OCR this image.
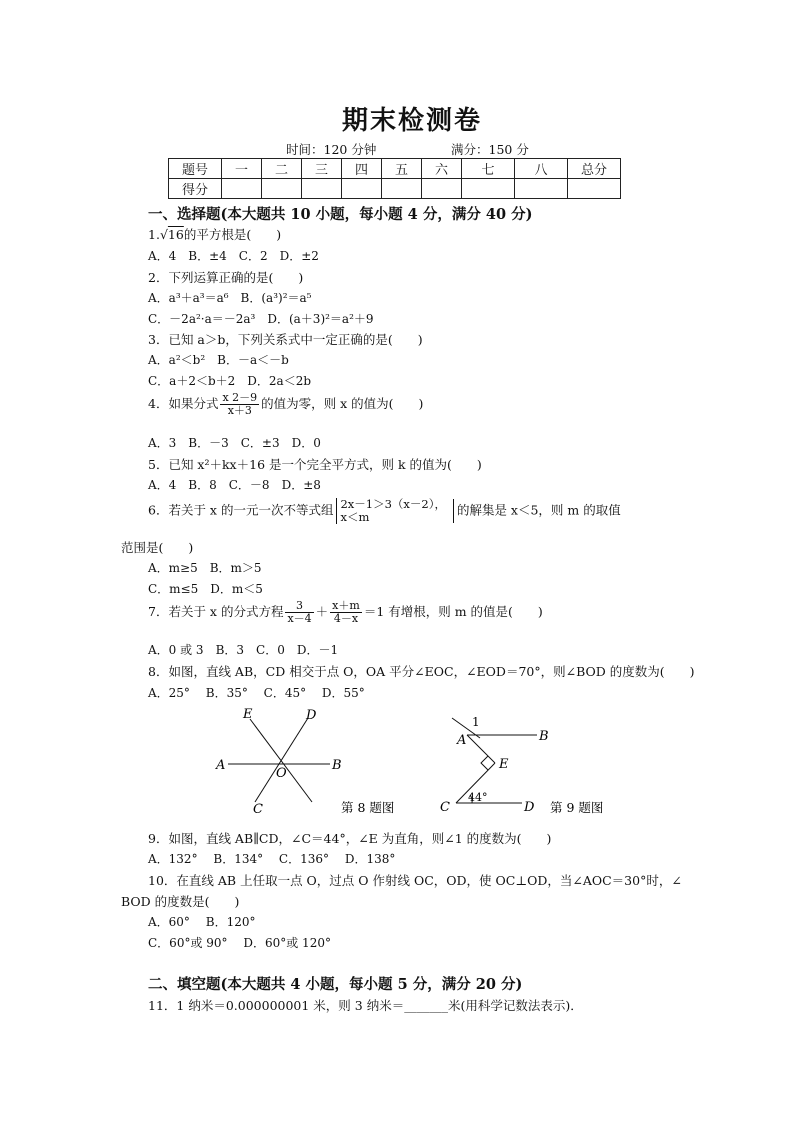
期末检测卷
时间：120 分钟	满分：150 分
题号	一	二	三	四	五	六	七	八	总分
得分									
一、选择题(本大题共 10 小题，每小题 4 分，满分 40 分)
1.√16的平方根是(　　)
A．4　B．±4　C．2　D．±2
2．下列运算正确的是(　　)
A．a³＋a³＝a⁶　B．(a³)²＝a⁵
C．－2a²·a＝－2a³　D．(a＋3)²＝a²＋9
3．已知 a＞b，下列关系式中一定正确的是(　　)
A．a²＜b²　B．－a＜－b
C．a＋2＜b＋2　D．2a＜2b
4．如果分式 $\frac{x 2-9}{x+3}$ 的值为零，则 x 的值为(　　)
A．3　B．－3　C．±3　D．0
5．已知 x²＋kx＋16 是一个完全平方式，则 k 的值为(　　)
A．4　B．8　C．－8　D．±8
6．若关于 x 的一元一次不等式组 2x－1＞3（x－2），
x＜m	的解集是 x＜5，则 m 的取值
范围是(　　)
A．m≥5　B．m＞5
C．m≤5　D．m＜5
7．若关于 x 的分式方程 $\frac{3}{x-4} + \frac{x+m}{4-x} =1$ 有增根，则 m 的值是(　　)
A．0 或 3　B．3　C．0　D．－1
8．如图，直线 AB，CD 相交于点 O，OA 平分∠EOC，∠EOD＝70°，则∠BOD 的度数为(　　)
A．25°　 B．35°　 C．45°　 D．55°
E	D
A
O
B
C	第 8 题图
1
A	B
E
C	D
44°
第 9 题图
9．如图，直线 AB∥CD，∠C＝44°，∠E 为直角，则∠1 的度数为(　　)
A．132°　 B．134°　 C．136°　 D．138°
10．在直线 AB 上任取一点 O，过点 O 作射线 OC，OD，使 OC⊥OD，当∠AOC＝30°时，∠
BOD 的度数是(　　)
A．60°　 B．120°
C．60°或 90°　 D．60°或 120°
二、填空题(本大题共 4 小题，每小题 5 分，满分 20 分)
11．1 纳米＝0.000000001 米，则 3 纳米＝_______米(用科学记数法表示)．
